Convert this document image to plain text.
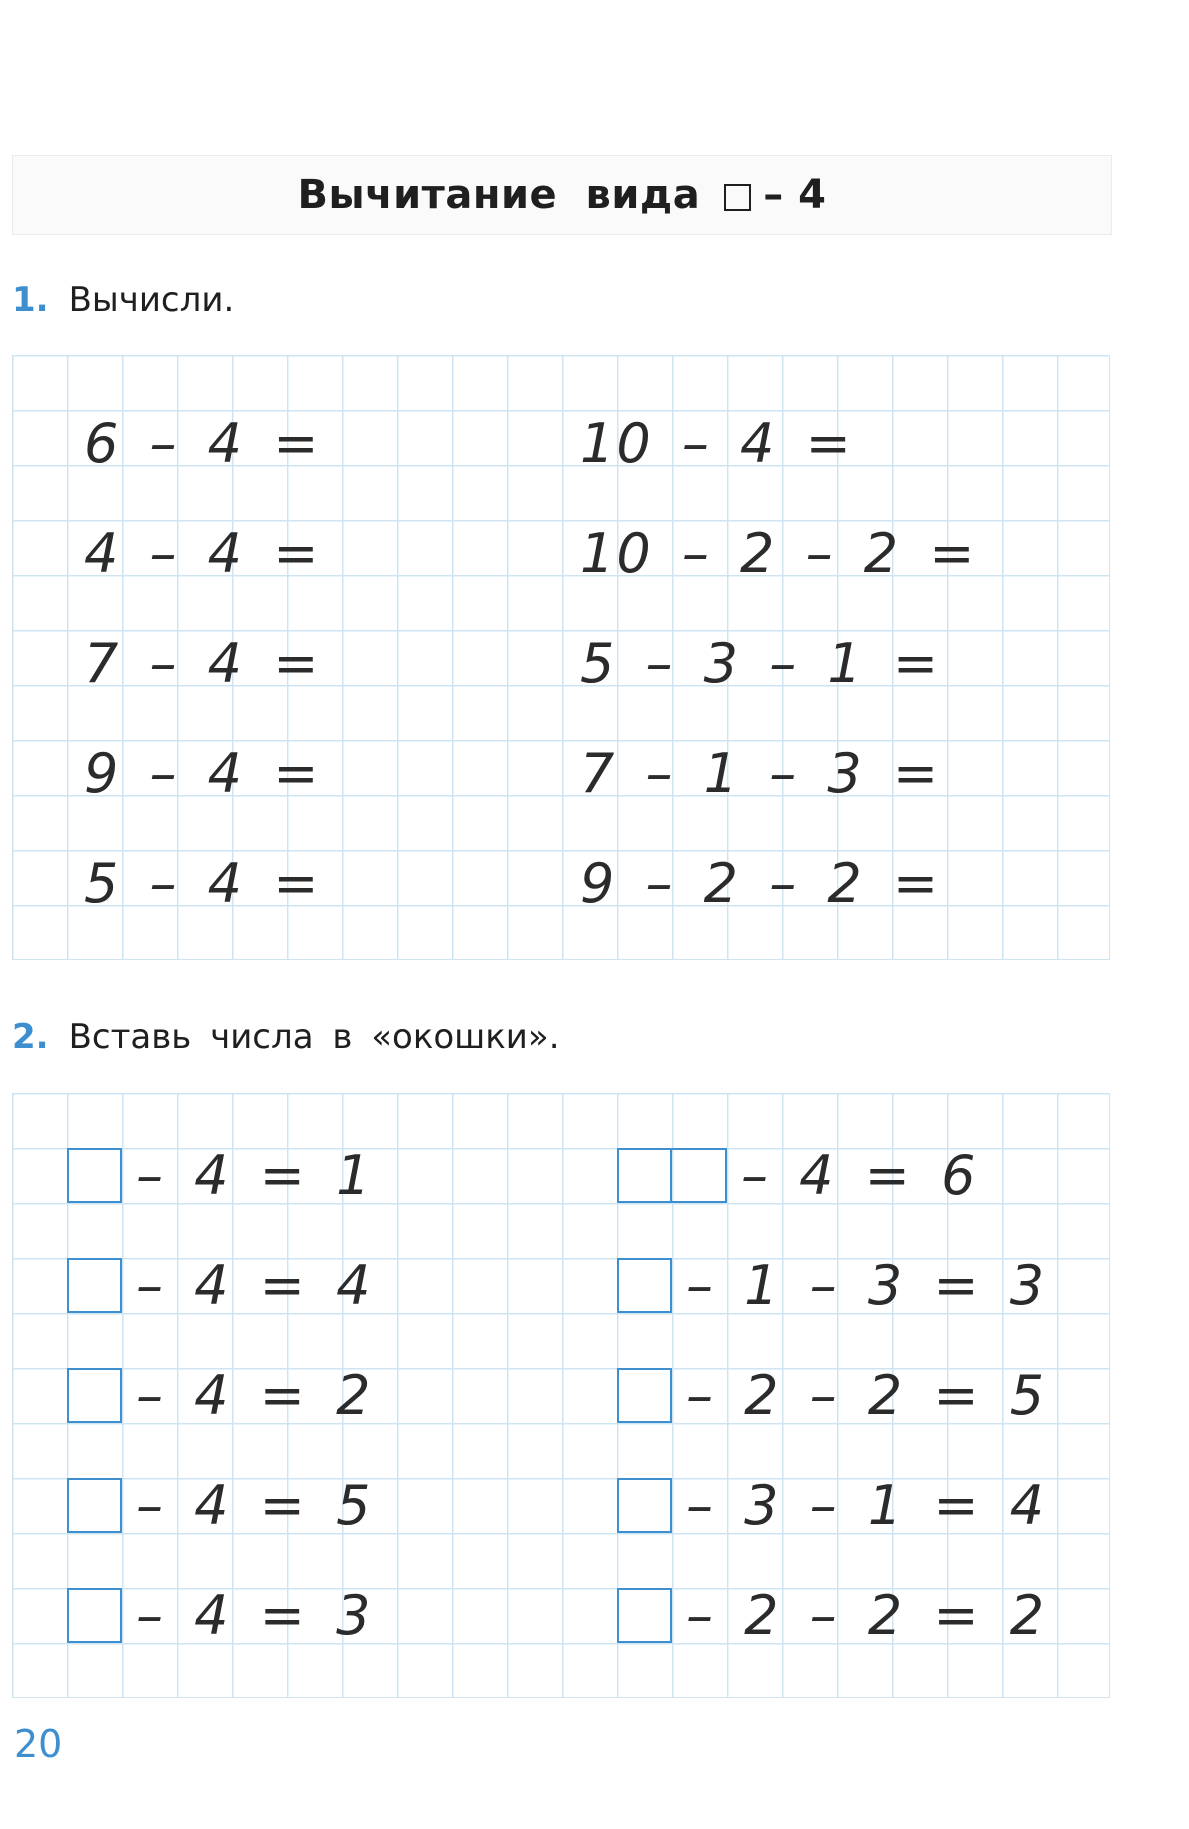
Вычитание вида – 4
1. Вычисли.
6 – 4 =
4 – 4 =
7 – 4 =
9 – 4 =
5 – 4 =
10 – 4 =
10 – 2 – 2 =
5 – 3 – 1 =
7 – 1 – 3 =
9 – 2 – 2 =
2. Вставь числа в «окошки».
– 4 = 1
– 4 = 4
– 4 = 2
– 4 = 5
– 4 = 3
– 4 = 6
– 1 – 3 = 3
– 2 – 2 = 5
– 3 – 1 = 4
– 2 – 2 = 2
20
